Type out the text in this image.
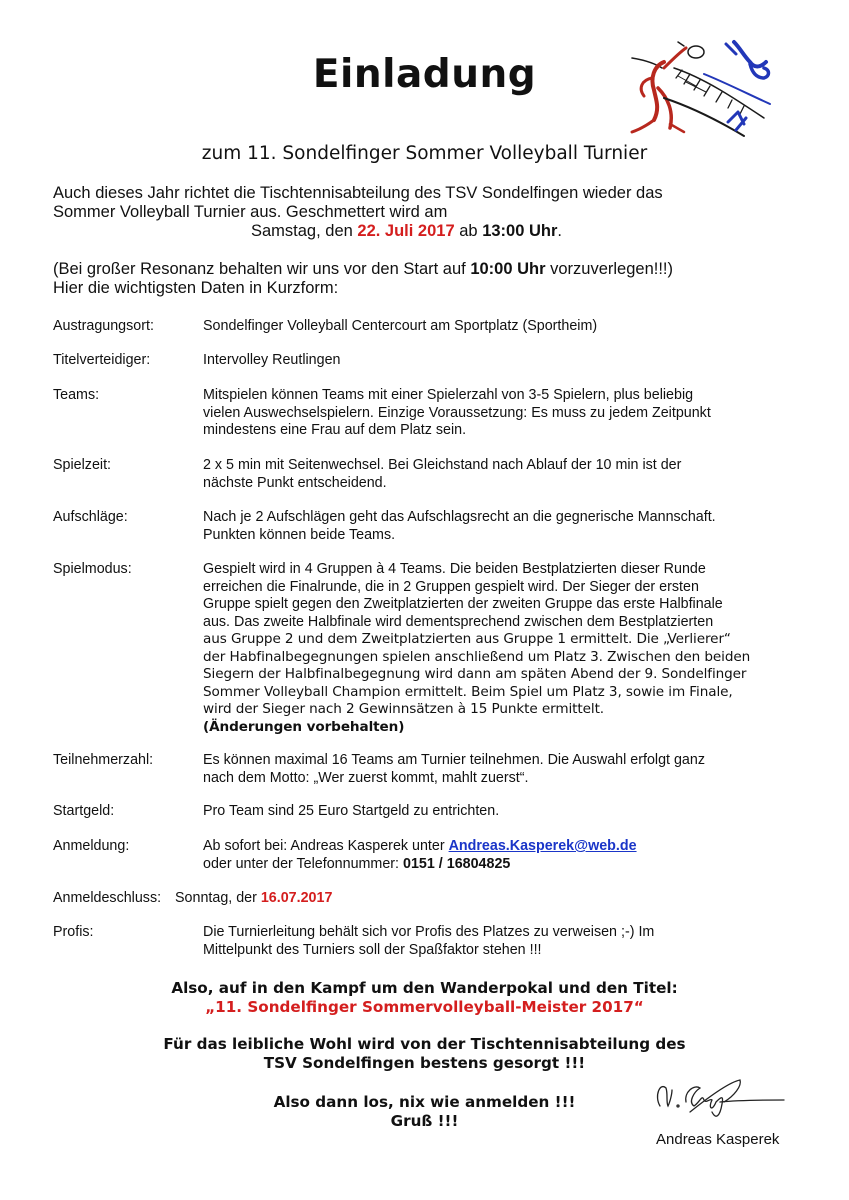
Einladung
zum 11. Sondelfinger Sommer Volleyball Turnier
Auch dieses Jahr richtet die Tischtennisabteilung des TSV Sondelfingen wieder das
Sommer Volleyball Turnier aus. Geschmettert wird am
Samstag, den 22. Juli 2017 ab 13:00 Uhr.
(Bei großer Resonanz behalten wir uns vor den Start auf 10:00 Uhr vorzuverlegen!!!)
Hier die wichtigsten Daten in Kurzform:
Austragungsort:	Sondelfinger Volleyball Centercourt am Sportplatz (Sportheim)
Titelverteidiger:	Intervolley Reutlingen
Teams:	Mitspielen können Teams mit einer Spielerzahl von 3-5 Spielern, plus beliebig
vielen Auswechselspielern. Einzige Voraussetzung: Es muss zu jedem Zeitpunkt
mindestens eine Frau auf dem Platz sein.
Spielzeit:	2 x 5 min mit Seitenwechsel. Bei Gleichstand nach Ablauf der 10 min ist der
nächste Punkt entscheidend.
Aufschläge:	Nach je 2 Aufschlägen geht das Aufschlagsrecht an die gegnerische Mannschaft.
Punkten können beide Teams.
Spielmodus:	Gespielt wird in 4 Gruppen à 4 Teams. Die beiden Bestplatzierten dieser Runde
erreichen die Finalrunde, die in 2 Gruppen gespielt wird. Der Sieger der ersten
Gruppe spielt gegen den Zweitplatzierten der zweiten Gruppe das erste Halbfinale
aus. Das zweite Halbfinale wird dementsprechend zwischen dem Bestplatzierten
aus Gruppe 2 und dem Zweitplatzierten aus Gruppe 1 ermittelt. Die „Verlierer“
der Habfinalbegegnungen spielen anschließend um Platz 3. Zwischen den beiden
Siegern der Halbfinalbegegnung wird dann am späten Abend der 9. Sondelfinger
Sommer Volleyball Champion ermittelt. Beim Spiel um Platz 3, sowie im Finale,
wird der Sieger nach 2 Gewinnsätzen à 15 Punkte ermittelt.
(Änderungen vorbehalten)
Teilnehmerzahl:	Es können maximal 16 Teams am Turnier teilnehmen. Die Auswahl erfolgt ganz
nach dem Motto: „Wer zuerst kommt, mahlt zuerst“.
Startgeld:	Pro Team sind 25 Euro Startgeld zu entrichten.
Anmeldung:	Ab sofort bei: Andreas Kasperek unter Andreas.Kasperek@web.de
oder unter der Telefonnummer: 0151 / 16804825
Anmeldeschluss: Sonntag, der 16.07.2017
Profis:	Die Turnierleitung behält sich vor Profis des Platzes zu verweisen ;-) Im
Mittelpunkt des Turniers soll der Spaßfaktor stehen !!!
Also, auf in den Kampf um den Wanderpokal und den Titel:
„11. Sondelfinger Sommervolleyball-Meister 2017“
Für das leibliche Wohl wird von der Tischtennisabteilung des
TSV Sondelfingen bestens gesorgt !!!
Also dann los, nix wie anmelden !!!
Gruß !!!
Andreas Kasperek
